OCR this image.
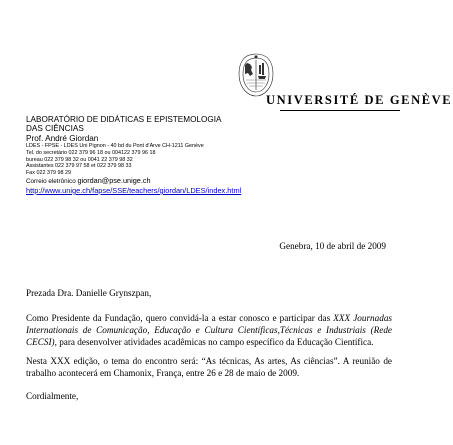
UNIVERSITÉ DE GENÈVE
LABORATÓRIO DE DIDÁTICAS E EPISTEMOLOGIA
DAS CIÊNCIAS
Prof. André Giordan
LDES - FPSE - LDES Uni Pignon - 40 bd du Pont d'Arve CH-1211 Genève
Tel. do secretário 022 379 96 18 ou 004122 379 96 18
bureau 022 379 98 32 ou 0041 22 379 98 32
Assistantes 022 379 97 58 et 022 379 98 33
Fax 022 379 98 29
Correio eletrônico giordan@pse.unige.ch
http://www.unige.ch/fapse/SSE/teachers/giordan/LDES/index.html
Genebra, 10 de abril de 2009
Prezada Dra. Danielle Grynszpan,
Como Presidente da Fundação, quero convidá-la a estar conosco e participar das XXX Journadas Internationais de Comunicação, Educação e Cultura Científicas,Técnicas e Industriais (Rede CECSI), para desenvolver atividades acadêmicas no campo específico da Educação Científica.
Nesta XXX edição, o tema do encontro será: “As técnicas, As artes, As ciências”. A reunião de trabalho acontecerá em Chamonix, França, entre 26 e 28 de maio de 2009.
Cordialmente,
